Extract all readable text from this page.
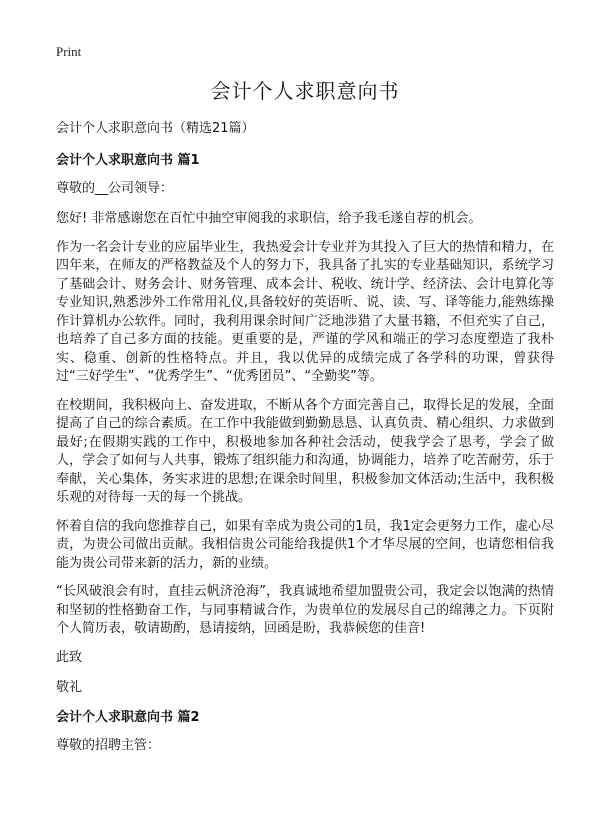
Print
会计个人求职意向书

会计个人求职意向书（精选21篇）

会计个人求职意向书 篇1

尊敬的__公司领导：

您好! 非常感谢您在百忙中抽空审阅我的求职信，给予我毛遂自荐的机会。

作为一名会计专业的应届毕业生，我热爱会计专业并为其投入了巨大的热情和精力，在四年来，在师友的严格教益及个人的努力下，我具备了扎实的专业基础知识，系统学习了基础会计、财务会计、财务管理、成本会计、税收、统计学、经济法、会计电算化等专业知识,熟悉涉外工作常用礼仪,具备较好的英语听、说、读、写、译等能力,能熟练操作计算机办公软件。同时，我利用课余时间广泛地涉猎了大量书籍，不但充实了自己，也培养了自己多方面的技能。更重要的是，严谨的学风和端正的学习态度塑造了我朴实、稳重、创新的性格特点。并且，我以优异的成绩完成了各学科的功课，曾获得过“三好学生”、“优秀学生”、“优秀团员”、“全勤奖”等。

在校期间，我积极向上、奋发进取，不断从各个方面完善自己，取得长足的发展，全面提高了自己的综合素质。在工作中我能做到勤勤恳恳、认真负责、精心组织、力求做到最好;在假期实践的工作中，积极地参加各种社会活动，使我学会了思考，学会了做人，学会了如何与人共事，锻炼了组织能力和沟通，协调能力，培养了吃苦耐劳，乐于奉献，关心集体，务实求进的思想;在课余时间里，积极参加文体活动;生活中，我积极乐观的对待每一天的每一个挑战。

怀着自信的我向您推荐自己，如果有幸成为贵公司的1员，我1定会更努力工作，虚心尽责，为贵公司做出贡献。我相信贵公司能给我提供1个才华尽展的空间，也请您相信我能为贵公司带来新的活力，新的业绩。

“长风破浪会有时，直挂云帆济沧海”，我真诚地希望加盟贵公司，我定会以饱满的热情和坚韧的性格勤奋工作，与同事精诚合作，为贵单位的发展尽自己的绵薄之力。下页附个人简历表，敬请勘酌，恳请接纳，回函是盼，我恭候您的佳音!

此致

敬礼

会计个人求职意向书 篇2

尊敬的招聘主管：
